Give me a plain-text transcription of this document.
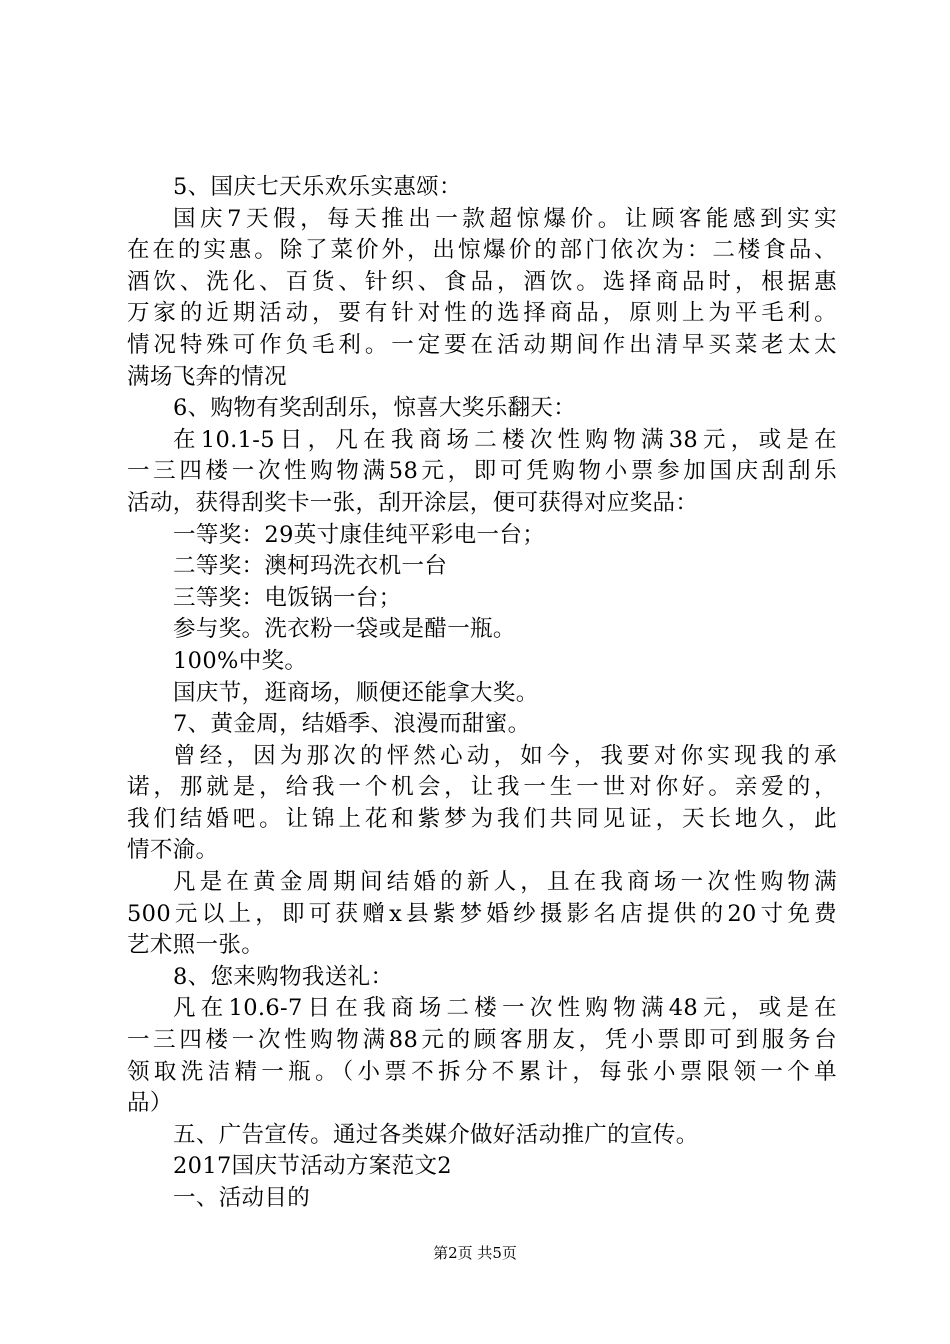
5、国庆七天乐欢乐实惠颂：
国庆7天假，每天推出一款超惊爆价。让顾客能感到实实
在在的实惠。除了菜价外，出惊爆价的部门依次为：二楼食品、
酒饮、洗化、百货、针织、食品，酒饮。选择商品时，根据惠
万家的近期活动，要有针对性的选择商品，原则上为平毛利。
情况特殊可作负毛利。一定要在活动期间作出清早买菜老太太
满场飞奔的情况
6、购物有奖刮刮乐，惊喜大奖乐翻天：
在10.1-5日，凡在我商场二楼次性购物满38元，或是在
一三四楼一次性购物满58元，即可凭购物小票参加国庆刮刮乐
活动，获得刮奖卡一张，刮开涂层，便可获得对应奖品：
一等奖：29英寸康佳纯平彩电一台；
二等奖：澳柯玛洗衣机一台
三等奖：电饭锅一台；
参与奖。洗衣粉一袋或是醋一瓶。
100%中奖。
国庆节，逛商场，顺便还能拿大奖。
7、黄金周，结婚季、浪漫而甜蜜。
曾经，因为那次的怦然心动，如今，我要对你实现我的承
诺，那就是，给我一个机会，让我一生一世对你好。亲爱的，
我们结婚吧。让锦上花和紫梦为我们共同见证，天长地久，此
情不渝。
凡是在黄金周期间结婚的新人，且在我商场一次性购物满
500元以上，即可获赠x县紫梦婚纱摄影名店提供的20寸免费
艺术照一张。
8、您来购物我送礼：
凡在10.6-7日在我商场二楼一次性购物满48元，或是在
一三四楼一次性购物满88元的顾客朋友，凭小票即可到服务台
领取洗洁精一瓶。（小票不拆分不累计，每张小票限领一个单
品）
五、广告宣传。通过各类媒介做好活动推广的宣传。
2017国庆节活动方案范文2
一、活动目的
第2页 共5页
